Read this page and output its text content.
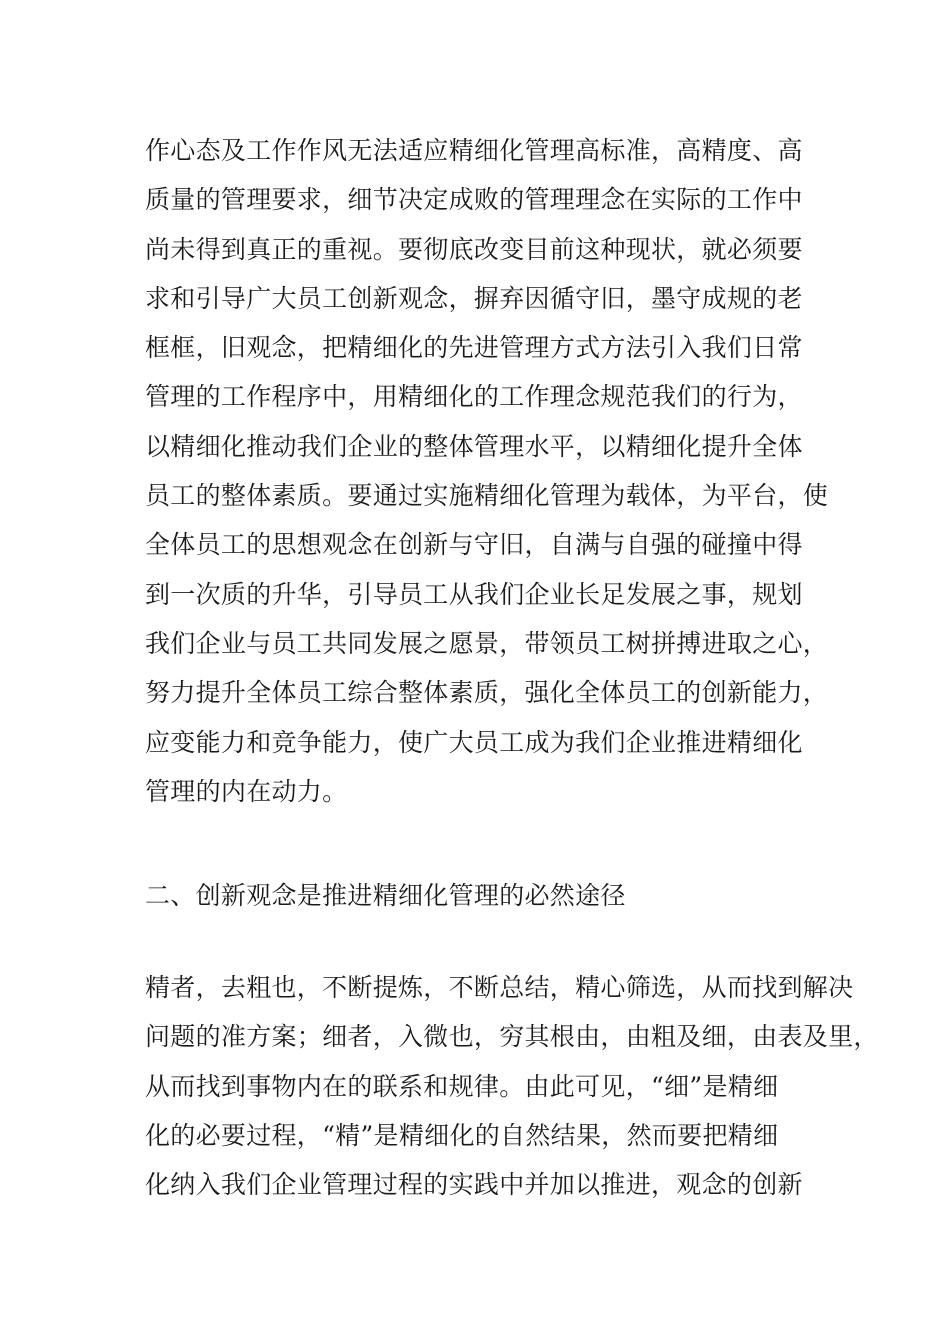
作心态及工作作风无法适应精细化管理高标准，高精度、高

质量的管理要求，细节决定成败的管理理念在实际的工作中

尚未得到真正的重视。要彻底改变目前这种现状，就必须要

求和引导广大员工创新观念，摒弃因循守旧，墨守成规的老

框框，旧观念，把精细化的先进管理方式方法引入我们日常

管理的工作程序中，用精细化的工作理念规范我们的行为，

以精细化推动我们企业的整体管理水平，以精细化提升全体

员工的整体素质。要通过实施精细化管理为载体，为平台，使

全体员工的思想观念在创新与守旧，自满与自强的碰撞中得

到一次质的升华，引导员工从我们企业长足发展之事，规划

我们企业与员工共同发展之愿景，带领员工树拼搏进取之心，

努力提升全体员工综合整体素质，强化全体员工的创新能力，

应变能力和竞争能力，使广大员工成为我们企业推进精细化

管理的内在动力。

二、创新观念是推进精细化管理的必然途径

精者，去粗也，不断提炼，不断总结，精心筛选，从而找到解决

问题的准方案；细者，入微也，穷其根由，由粗及细，由表及里，

从而找到事物内在的联系和规律。由此可见，“细”是精细

化的必要过程，“精”是精细化的自然结果，然而要把精细

化纳入我们企业管理过程的实践中并加以推进，观念的创新
